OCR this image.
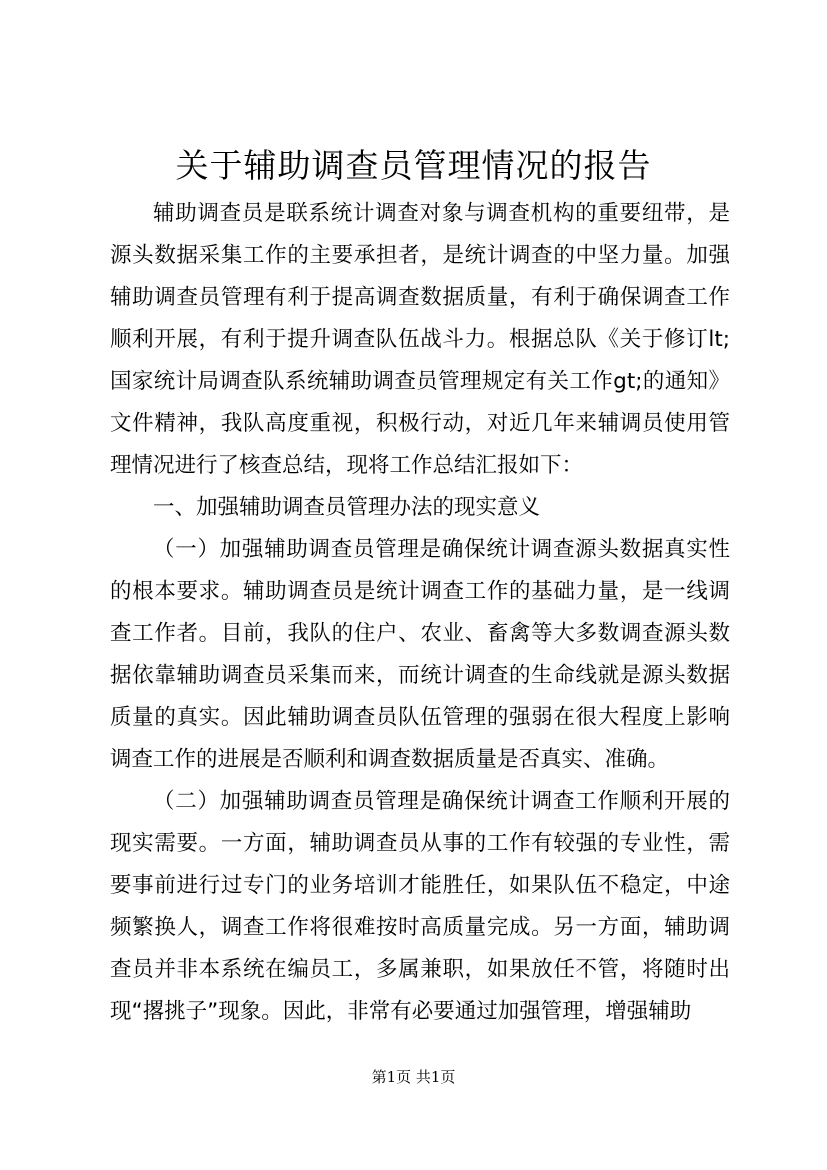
关于辅助调查员管理情况的报告

辅助调查员是联系统计调查对象与调查机构的重要纽带，是源头数据采集工作的主要承担者，是统计调查的中坚力量。加强辅助调查员管理有利于提高调查数据质量，有利于确保调查工作顺利开展，有利于提升调查队伍战斗力。根据总队《关于修订lt;国家统计局调查队系统辅助调查员管理规定有关工作gt;的通知》文件精神，我队高度重视，积极行动，对近几年来辅调员使用管理情况进行了核查总结，现将工作总结汇报如下：

一、加强辅助调查员管理办法的现实意义

（一）加强辅助调查员管理是确保统计调查源头数据真实性的根本要求。辅助调查员是统计调查工作的基础力量，是一线调查工作者。目前，我队的住户、农业、畜禽等大多数调查源头数据依靠辅助调查员采集而来，而统计调查的生命线就是源头数据质量的真实。因此辅助调查员队伍管理的强弱在很大程度上影响调查工作的进展是否顺利和调查数据质量是否真实、准确。

（二）加强辅助调查员管理是确保统计调查工作顺利开展的现实需要。一方面，辅助调查员从事的工作有较强的专业性，需要事前进行过专门的业务培训才能胜任，如果队伍不稳定，中途频繁换人，调查工作将很难按时高质量完成。另一方面，辅助调查员并非本系统在编员工，多属兼职，如果放任不管，将随时出现“撂挑子”现象。因此，非常有必要通过加强管理，增强辅助

第1页 共1页
